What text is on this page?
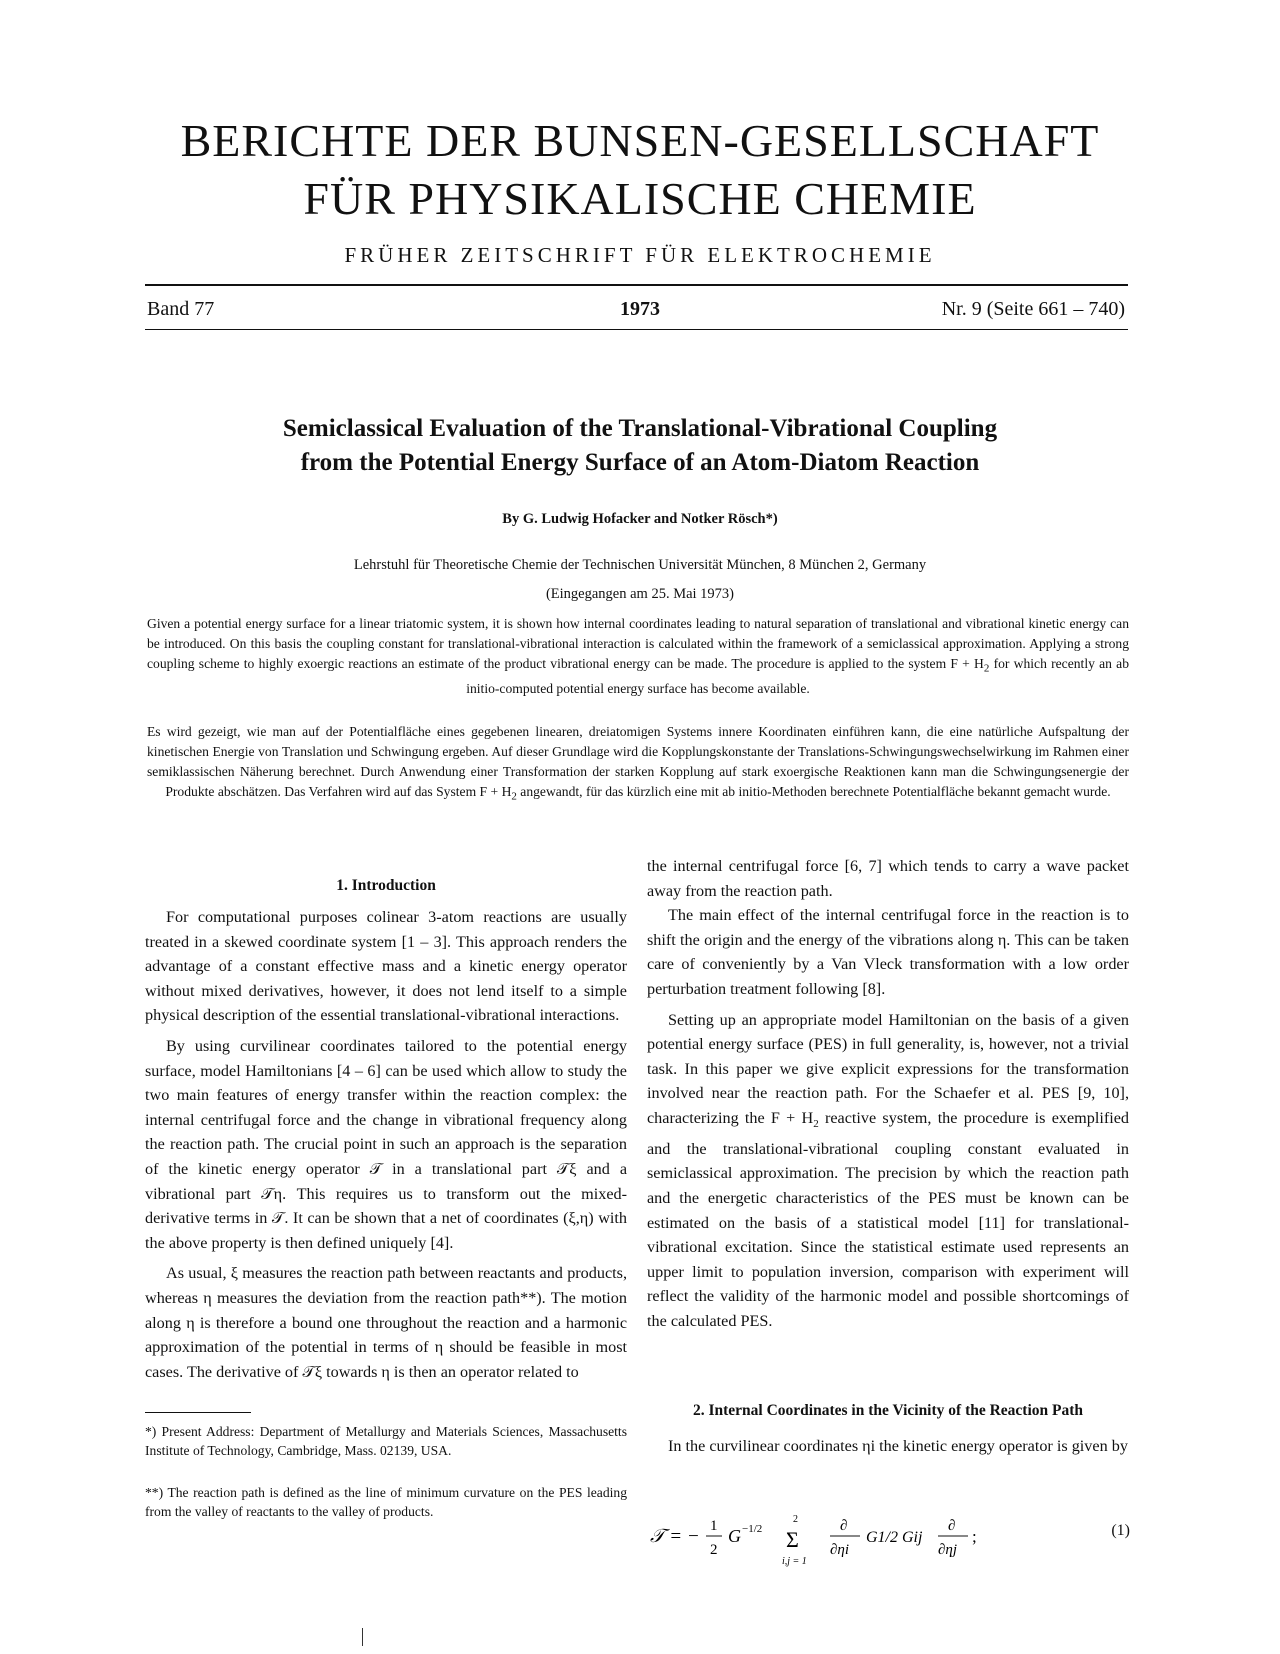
BERICHTE DER BUNSEN-GESELLSCHAFT
FÜR PHYSIKALISCHE CHEMIE
FRÜHER ZEITSCHRIFT FÜR ELEKTROCHEMIE
Band 77	1973	Nr. 9 (Seite 661 – 740)
Semiclassical Evaluation of the Translational-Vibrational Coupling
from the Potential Energy Surface of an Atom-Diatom Reaction
By G. Ludwig Hofacker and Notker Rösch*)
Lehrstuhl für Theoretische Chemie der Technischen Universität München, 8 München 2, Germany
(Eingegangen am 25. Mai 1973)
Given a potential energy surface for a linear triatomic system, it is shown how internal coordinates leading to natural separation of translational and vibrational kinetic energy can be introduced. On this basis the coupling constant for translational-vibrational interaction is calculated within the framework of a semiclassical approximation. Applying a strong coupling scheme to highly exoergic reactions an estimate of the product vibrational energy can be made. The procedure is applied to the system $F + H_2$ for which recently an ab initio-computed potential energy surface has become available.
Es wird gezeigt, wie man auf der Potentialfläche eines gegebenen linearen, dreiatomigen Systems innere Koordinaten einführen kann, die eine natürliche Aufspaltung der kinetischen Energie von Translation und Schwingung ergeben. Auf dieser Grundlage wird die Kopplungskonstante der Translations-Schwingungswechselwirkung im Rahmen einer semiklassischen Näherung berechnet. Durch Anwendung einer Transformation der starken Kopplung auf stark exoergische Reaktionen kann man die Schwingungsenergie der Produkte abschätzen. Das Verfahren wird auf das System $F + H_2$ angewandt, für das kürzlich eine mit ab initio-Methoden berechnete Potentialfläche bekannt gemacht wurde.
1. Introduction

For computational purposes colinear 3-atom reactions are usually treated in a skewed coordinate system [1 – 3]. This approach renders the advantage of a constant effective mass and a kinetic energy operator without mixed derivatives, however, it does not lend itself to a simple physical description of the essential translational-vibrational interactions.

By using curvilinear coordinates tailored to the potential energy surface, model Hamiltonians [4 – 6] can be used which allow to study the two main features of energy transfer within the reaction complex: the internal centrifugal force and the change in vibrational frequency along the reaction path. The crucial point in such an approach is the separation of the kinetic energy operator 𝒯 in a translational part 𝒯ξ and a vibrational part 𝒯η. This requires us to transform out the mixed-derivative terms in 𝒯. It can be shown that a net of coordinates (ξ,η) with the above property is then defined uniquely [4].

As usual, ξ measures the reaction path between reactants and products, whereas η measures the deviation from the reaction path**). The motion along η is therefore a bound one throughout the reaction and a harmonic approximation of the potential in terms of η should be feasible in most cases. The derivative of 𝒯ξ towards η is then an operator related to

the internal centrifugal force [6, 7] which tends to carry a wave packet away from the reaction path.

The main effect of the internal centrifugal force in the reaction is to shift the origin and the energy of the vibrations along η. This can be taken care of conveniently by a Van Vleck transformation with a low order perturbation treatment following [8].

Setting up an appropriate model Hamiltonian on the basis of a given potential energy surface (PES) in full generality, is, however, not a trivial task. In this paper we give explicit expressions for the transformation involved near the reaction path. For the Schaefer et al. PES [9, 10], characterizing the $F + H_2$ reactive system, the procedure is exemplified and the translational-vibrational coupling constant evaluated in semiclassical approximation. The precision by which the reaction path and the energetic characteristics of the PES must be known can be estimated on the basis of a statistical model [11] for translational-vibrational excitation. Since the statistical estimate used represents an upper limit to population inversion, comparison with experiment will reflect the validity of the harmonic model and possible shortcomings of the calculated PES.

2. Internal Coordinates in the Vicinity of the Reaction Path

In the curvilinear coordinates ηi the kinetic energy operator is given by

*) Present Address: Department of Metallurgy and Materials Sciences, Massachusetts Institute of Technology, Cambridge, Mass. 02139, USA.
**) The reaction path is defined as the line of minimum curvature on the PES leading from the valley of reactants to the valley of products.
𝒯 = − 1
2
G −1/2
2
Σ
i,j = 1
∂
∂ηi
G1/2 Gij
∂
∂ηj
;	(1)
